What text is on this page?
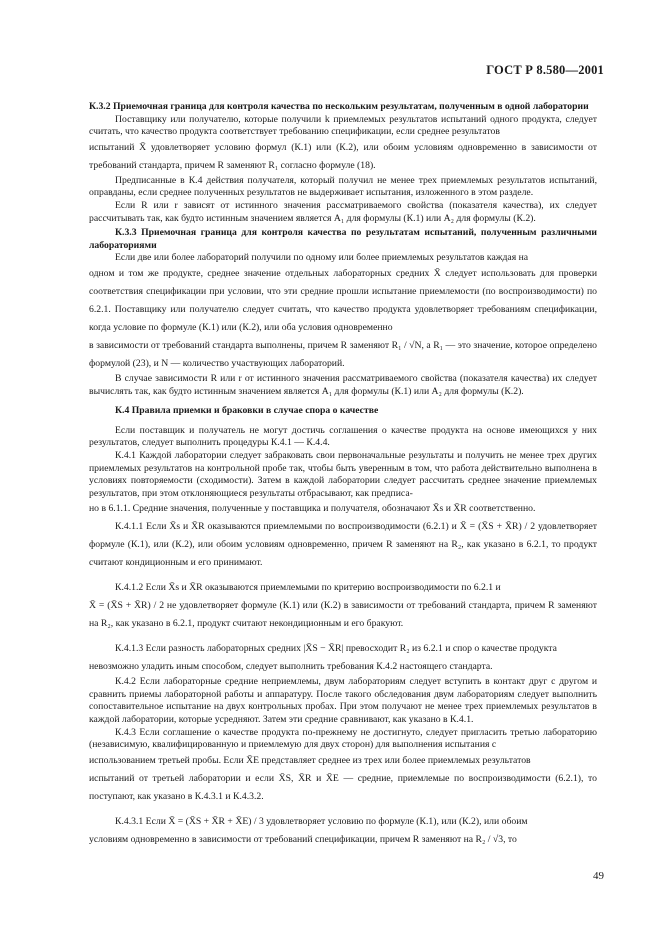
ГОСТ Р 8.580—2001

К.3.2 Приемочная граница для контроля качества по нескольким результатам, полученным в одной лаборатории

Поставщику или получателю, которые получили k приемлемых результатов испытаний одного продукта, следует считать, что качество продукта соответствует требованию спецификации, если среднее результатов

испытаний X̄ удовлетворяет условию формул (К.1) или (К.2), или обоим условиям одновременно в зависимости от требований стандарта, причем R заменяют R₁ согласно формуле (18).

Предписанные в К.4 действия получателя, который получил не менее трех приемлемых результатов испытаний, оправданы, если среднее полученных результатов не выдерживает испытания, изложенного в этом разделе.

Если R или r зависят от истинного значения рассматриваемого свойства (показателя качества), их следует рассчитывать так, как будто истинным значением является A₁ для формулы (К.1) или A₂ для формулы (К.2).

К.3.3 Приемочная граница для контроля качества по результатам испытаний, полученным различными лабораториями

Если две или более лабораторий получили по одному или более приемлемых результатов каждая на

одном и том же продукте, среднее значение отдельных лабораторных средних X̄ следует использовать для проверки соответствия спецификации при условии, что эти средние прошли испытание приемлемости (по воспроизводимости) по 6.2.1. Поставщику или получателю следует считать, что качество продукта удовлетворяет требованиям спецификации, когда условие по формуле (К.1) или (К.2), или оба условия одновременно

в зависимости от требований стандарта выполнены, причем R заменяют R₁ / √N, а R₁ — это значение, которое определено формулой (23), и N — количество участвующих лабораторий.

В случае зависимости R или r от истинного значения рассматриваемого свойства (показателя качества) их следует вычислять так, как будто истинным значением является A₁ для формулы (К.1) или A₂ для формулы (К.2).

К.4 Правила приемки и браковки в случае спора о качестве

Если поставщик и получатель не могут достичь соглашения о качестве продукта на основе имеющихся у них результатов, следует выполнить процедуры К.4.1 — К.4.4.

К.4.1 Каждой лаборатории следует забраковать свои первоначальные результаты и получить не менее трех других приемлемых результатов на контрольной пробе так, чтобы быть уверенным в том, что работа действительно выполнена в условиях повторяемости (сходимости). Затем в каждой лаборатории следует рассчитать среднее значение приемлемых результатов, при этом отклоняющиеся результаты отбрасывают, как предписа-

но в 6.1.1. Средние значения, полученные у поставщика и получателя, обозначают X̄s и X̄R соответственно.

К.4.1.1 Если X̄s и X̄R оказываются приемлемыми по воспроизводимости (6.2.1) и X̄ = (X̄S + X̄R) / 2 удовлетворяет формуле (К.1), или (К.2), или обоим условиям одновременно, причем R заменяют на R₂, как указано в 6.2.1, то продукт считают кондиционным и его принимают.

К.4.1.2 Если X̄s и X̄R оказываются приемлемыми по критерию воспроизводимости по 6.2.1 и

X̄ = (X̄S + X̄R) / 2 не удовлетворяет формуле (К.1) или (К.2) в зависимости от требований стандарта, причем R заменяют на R₂, как указано в 6.2.1, продукт считают некондиционным и его бракуют.

К.4.1.3 Если разность лабораторных средних |X̄S − X̄R| превосходит R₂ из 6.2.1 и спор о качестве продукта

невозможно уладить иным способом, следует выполнить требования К.4.2 настоящего стандарта.

К.4.2 Если лабораторные средние неприемлемы, двум лабораториям следует вступить в контакт друг с другом и сравнить приемы лабораторной работы и аппаратуру. После такого обследования двум лабораториям следует выполнить сопоставительное испытание на двух контрольных пробах. При этом получают не менее трех приемлемых результатов в каждой лаборатории, которые усредняют. Затем эти средние сравнивают, как указано в К.4.1.

К.4.3 Если соглашение о качестве продукта по-прежнему не достигнуто, следует пригласить третью лабораторию (независимую, квалифицированную и приемлемую для двух сторон) для выполнения испытания с

использованием третьей пробы. Если X̄E представляет среднее из трех или более приемлемых результатов

испытаний от третьей лаборатории и если X̄S, X̄R и X̄E — средние, приемлемые по воспроизводимости (6.2.1), то поступают, как указано в К.4.3.1 и К.4.3.2.

К.4.3.1 Если X̄ = (X̄S + X̄R + X̄E) / 3 удовлетворяет условию по формуле (К.1), или (К.2), или обоим

условиям одновременно в зависимости от требований спецификации, причем R заменяют на R₂ / √3, то

49
